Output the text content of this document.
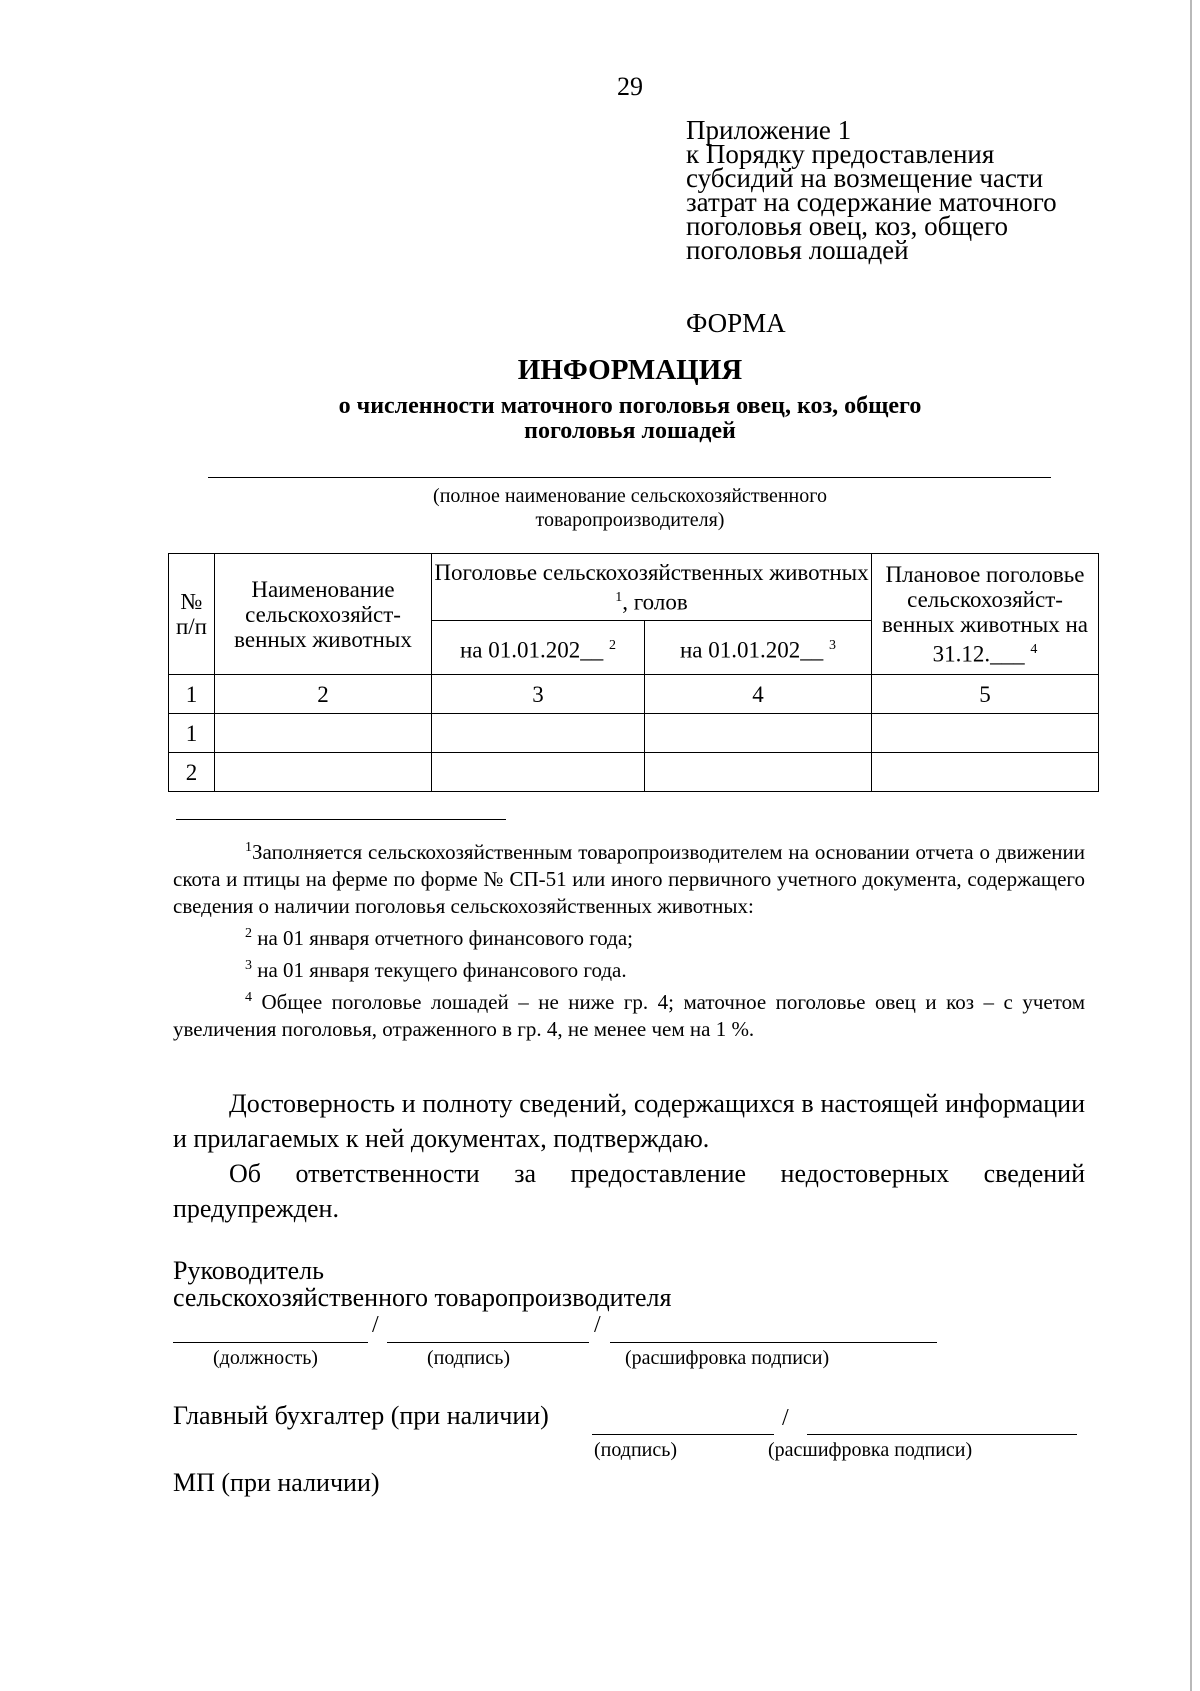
29
Приложение 1
к Порядку предоставления
субсидий на возмещение части
затрат на содержание маточного
поголовья овец, коз, общего
поголовья лошадей
ФОРМА
ИНФОРМАЦИЯ
о численности маточного поголовья овец, коз, общего
поголовья лошадей
(полное наименование сельскохозяйственного
товаропроизводителя)
№ п/п	Наименование сельскохозяйст-венных животных	Поголовье сельскохозяйственных животных $^1$, голов		Плановое поголовье сельскохозяйст-венных животных на 31.12.___ $^4$
		на 01.01.202__ $^2$	на 01.01.202__ $^3$
1	2	3	4	5
1				
2				

$^1$Заполняется сельскохозяйственным товаропроизводителем на основании отчета о движении скота и птицы на ферме по форме № СП-51 или иного первичного учетного документа, содержащего сведения о наличии поголовья сельскохозяйственных животных:

$^2$ на 01 января отчетного финансового года;

$^3$ на 01 января текущего финансового года.

$^4$ Общее поголовье лошадей – не ниже гр. 4; маточное поголовье овец и коз – с учетом увеличения поголовья, отраженного в гр. 4, не менее чем на 1 %.

Достоверность и полноту сведений, содержащихся в настоящей информации и прилагаемых к ней документах, подтверждаю.

Об ответственности за предоставление недостоверных сведений предупрежден.

Руководитель
сельскохозяйственного товаропроизводителя
/	/
(должность)	(подпись)	(расшифровка подписи)
Главный бухгалтер (при наличии)	/
(подпись)	(расшифровка подписи)
МП (при наличии)
